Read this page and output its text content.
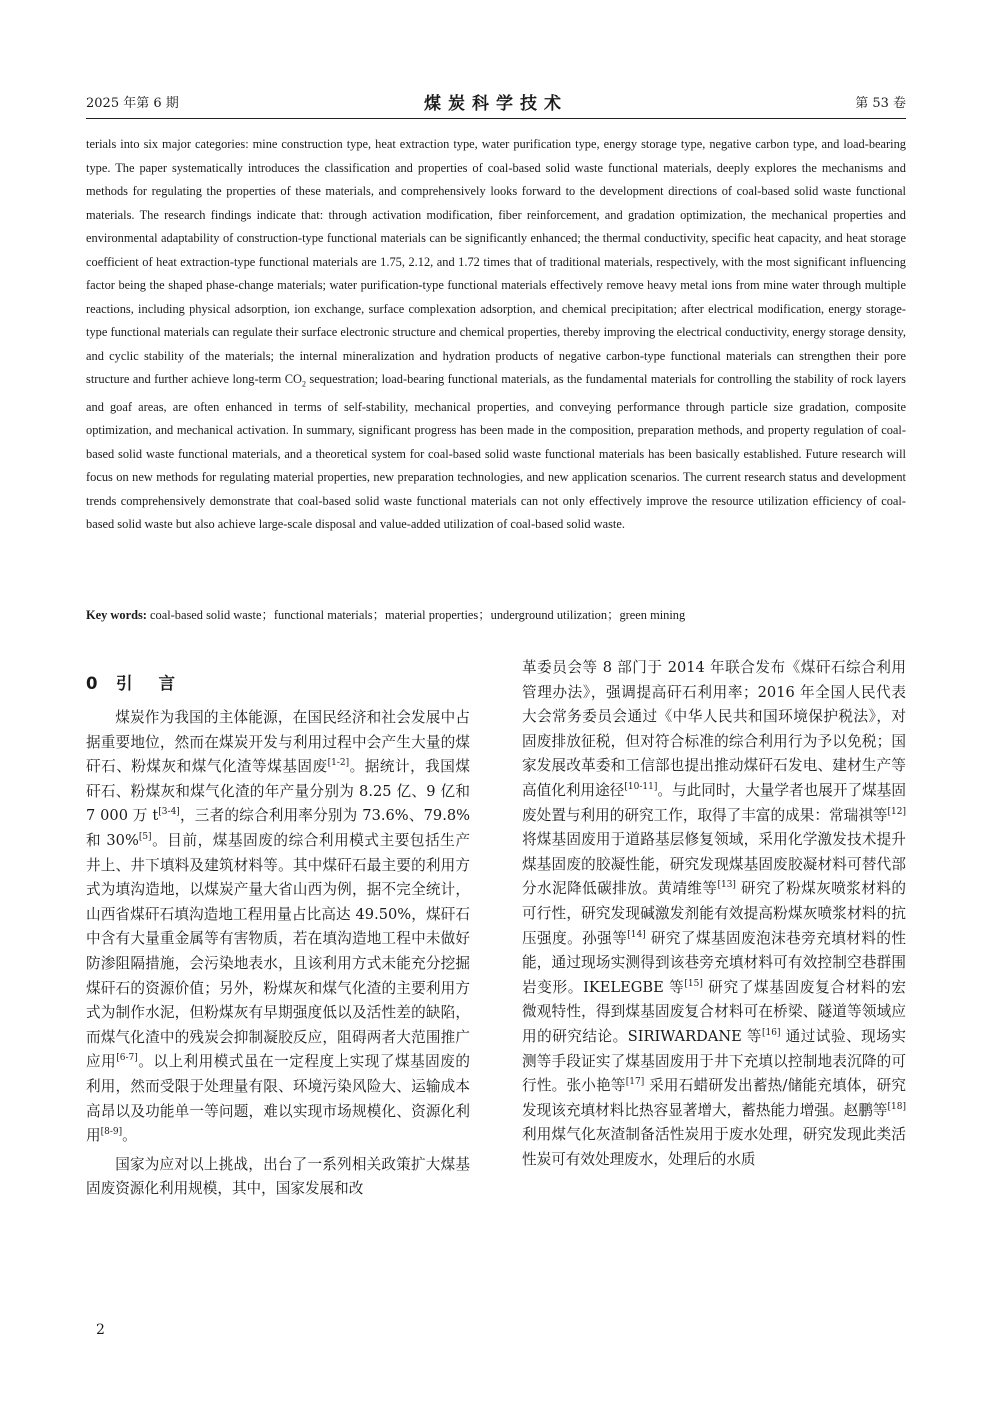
2025 年第 6 期	煤炭科学技术	第 53 卷

terials into six major categories: mine construction type, heat extraction type, water purification type, energy storage type, negative carbon type, and load-bearing type. The paper systematically introduces the classification and properties of coal-based solid waste functional materials, deeply explores the mechanisms and methods for regulating the properties of these materials, and comprehensively looks forward to the development directions of coal-based solid waste functional materials. The research findings indicate that: through activation modification, fiber reinforcement, and gradation optimization, the mechanical properties and environmental adaptability of construction-type functional materials can be significantly enhanced; the thermal conductivity, specific heat capacity, and heat storage coefficient of heat extraction-type functional materials are 1.75, 2.12, and 1.72 times that of traditional materials, respectively, with the most significant influencing factor being the shaped phase-change materials; water purification-type functional materials effectively remove heavy metal ions from mine water through multiple reactions, including physical adsorption, ion exchange, surface complexation adsorption, and chemical precipitation; after electrical modification, energy storage-type functional materials can regulate their surface electronic structure and chemical properties, thereby improving the electrical conductivity, energy storage density, and cyclic stability of the materials; the internal mineralization and hydration products of negative carbon-type functional materials can strengthen their pore structure and further achieve long-term $CO_2$ sequestration; load-bearing functional materials, as the fundamental materials for controlling the stability of rock layers and goaf areas, are often enhanced in terms of self-stability, mechanical properties, and conveying performance through particle size gradation, composite optimization, and mechanical activation. In summary, significant progress has been made in the composition, preparation methods, and property regulation of coal-based solid waste functional materials, and a theoretical system for coal-based solid waste functional materials has been basically established. Future research will focus on new methods for regulating material properties, new preparation technologies, and new application scenarios. The current research status and development trends comprehensively demonstrate that coal-based solid waste functional materials can not only effectively improve the resource utilization efficiency of coal-based solid waste but also achieve large-scale disposal and value-added utilization of coal-based solid waste.

Key words: coal-based solid waste；functional materials；material properties；underground utilization；green mining
0 引言

煤炭作为我国的主体能源，在国民经济和社会发展中占据重要地位，然而在煤炭开发与利用过程中会产生大量的煤矸石、粉煤灰和煤气化渣等煤基固废[1-2]。据统计，我国煤矸石、粉煤灰和煤气化渣的年产量分别为 8.25 亿、9 亿和 7 000 万 t[3-4]，三者的综合利用率分别为 73.6%、79.8% 和 30%[5]。目前，煤基固废的综合利用模式主要包括生产井上、井下填料及建筑材料等。其中煤矸石最主要的利用方式为填沟造地，以煤炭产量大省山西为例，据不完全统计，山西省煤矸石填沟造地工程用量占比高达 49.50%，煤矸石中含有大量重金属等有害物质，若在填沟造地工程中未做好防渗阻隔措施，会污染地表水，且该利用方式未能充分挖掘煤矸石的资源价值；另外，粉煤灰和煤气化渣的主要利用方式为制作水泥，但粉煤灰有早期强度低以及活性差的缺陷，而煤气化渣中的残炭会抑制凝胶反应，阻碍两者大范围推广应用[6-7]。以上利用模式虽在一定程度上实现了煤基固废的利用，然而受限于处理量有限、环境污染风险大、运输成本高昂以及功能单一等问题，难以实现市场规模化、资源化利用[8-9]。

国家为应对以上挑战，出台了一系列相关政策扩大煤基固废资源化利用规模，其中，国家发展和改

革委员会等 8 部门于 2014 年联合发布《煤矸石综合利用管理办法》，强调提高矸石利用率；2016 年全国人民代表大会常务委员会通过《中华人民共和国环境保护税法》，对固废排放征税，但对符合标准的综合利用行为予以免税；国家发展改革委和工信部也提出推动煤矸石发电、建材生产等高值化利用途径[10-11]。与此同时，大量学者也展开了煤基固废处置与利用的研究工作，取得了丰富的成果：常瑞祺等[12] 将煤基固废用于道路基层修复领域，采用化学激发技术提升煤基固废的胶凝性能，研究发现煤基固废胶凝材料可替代部分水泥降低碳排放。黄靖维等[13] 研究了粉煤灰喷浆材料的可行性，研究发现碱激发剂能有效提高粉煤灰喷浆材料的抗压强度。孙强等[14] 研究了煤基固废泡沫巷旁充填材料的性能，通过现场实测得到该巷旁充填材料可有效控制空巷群围岩变形。IKELEGBE 等[15] 研究了煤基固废复合材料的宏微观特性，得到煤基固废复合材料可在桥梁、隧道等领域应用的研究结论。SIRIWARDANE 等[16] 通过试验、现场实测等手段证实了煤基固废用于井下充填以控制地表沉降的可行性。张小艳等[17] 采用石蜡研发出蓄热/储能充填体，研究发现该充填材料比热容显著增大，蓄热能力增强。赵鹏等[18] 利用煤气化灰渣制备活性炭用于废水处理，研究发现此类活性炭可有效处理废水，处理后的水质

2
